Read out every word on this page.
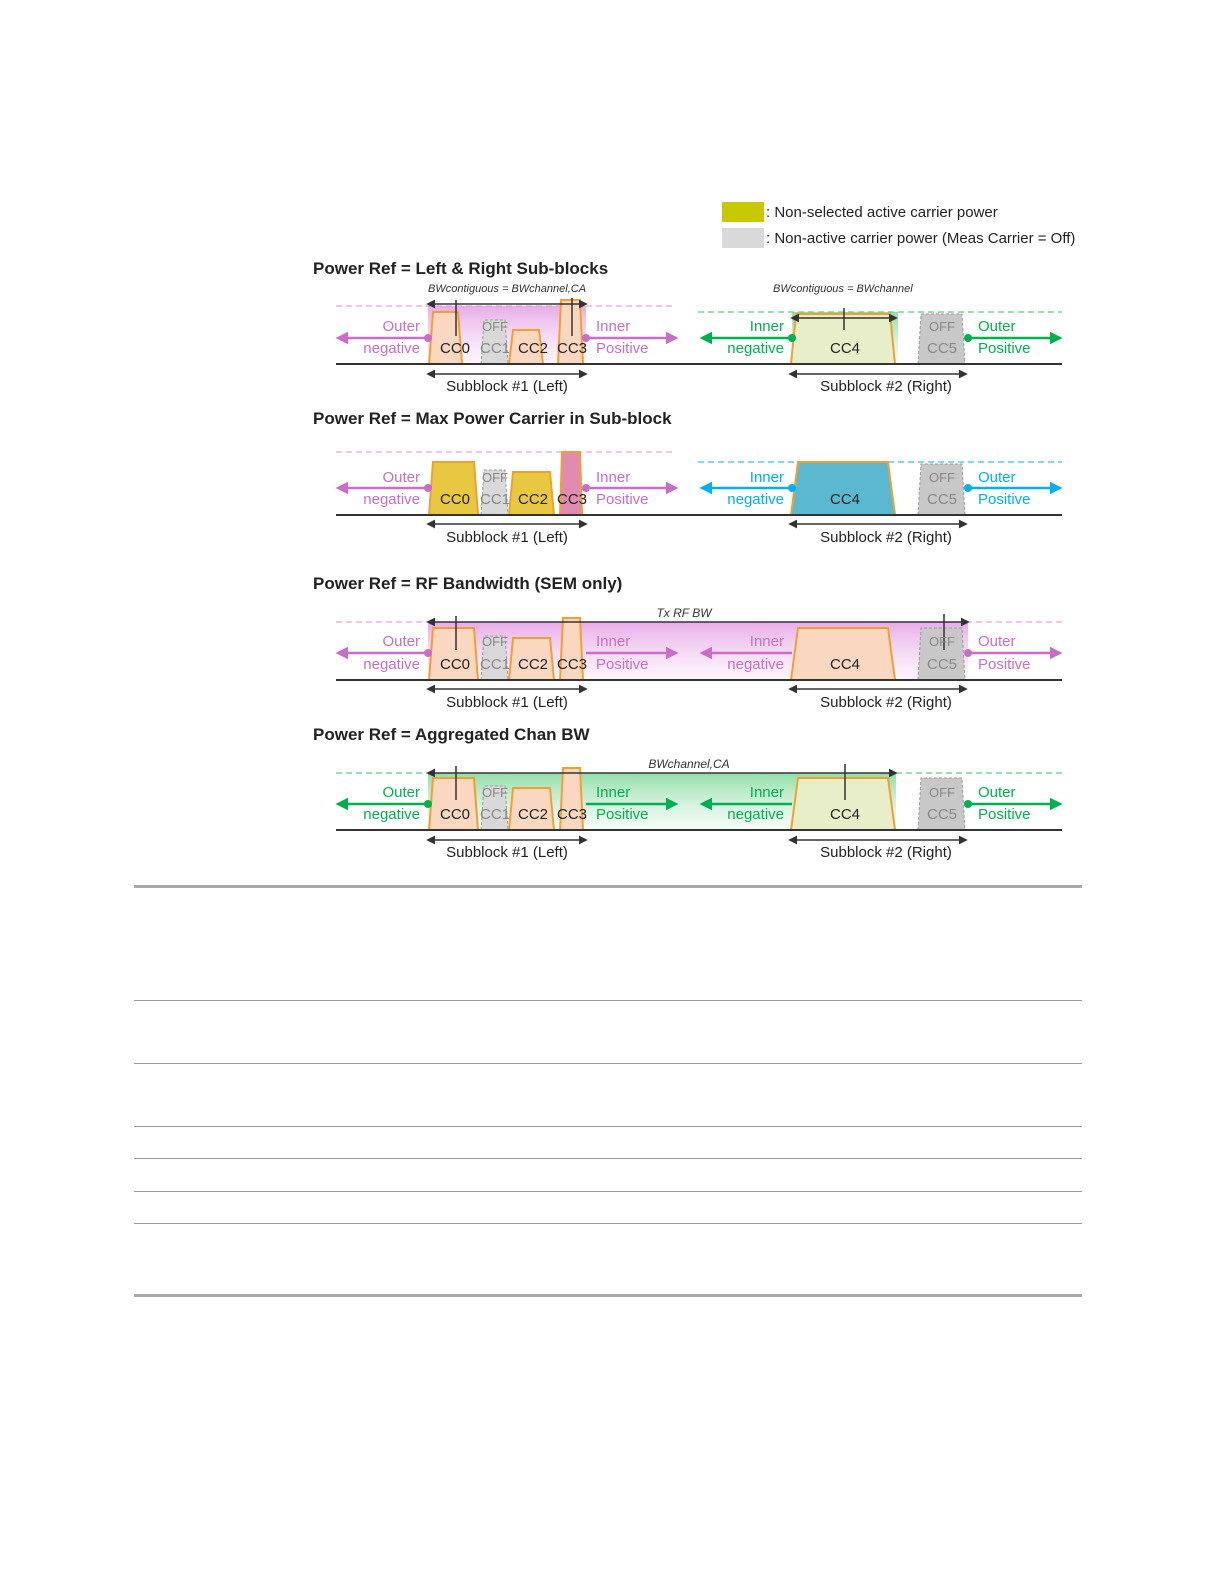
: Non-selected active carrier power
: Non-active carrier power (Meas Carrier = Off)
Power Ref = Left & Right Sub-blocks
BWcontiguous = BWchannel,CA	BWcontiguous = BWchannel
Outer
negative
Inner
Positive
Inner
negative
Outer
Positive
CC0
OFF
CC1 CC2 CC3	CC4
OFF
CC5
Subblock #1 (Left)	Subblock #2 (Right)
Power Ref = Max Power Carrier in Sub-block
Outer
negative
Inner
Positive
Inner
negative
Outer
Positive
CC0
OFF
CC1 CC2 CC3	CC4
OFF
CC5
Subblock #1 (Left)	Subblock #2 (Right)
Power Ref = RF Bandwidth (SEM only)
Tx RF BW
Outer
negative
Inner
Positive
Inner
negative
Outer
Positive
CC0
OFF
CC1 CC2 CC3	CC4
OFF
CC5
Subblock #1 (Left)	Subblock #2 (Right)
Power Ref = Aggregated Chan BW
BWchannel,CA
Outer
negative
Inner
Positive
Inner
negative
Outer
Positive
CC0
OFF
CC1 CC2 CC3	CC4
OFF
CC5
Subblock #1 (Left)	Subblock #2 (Right)
